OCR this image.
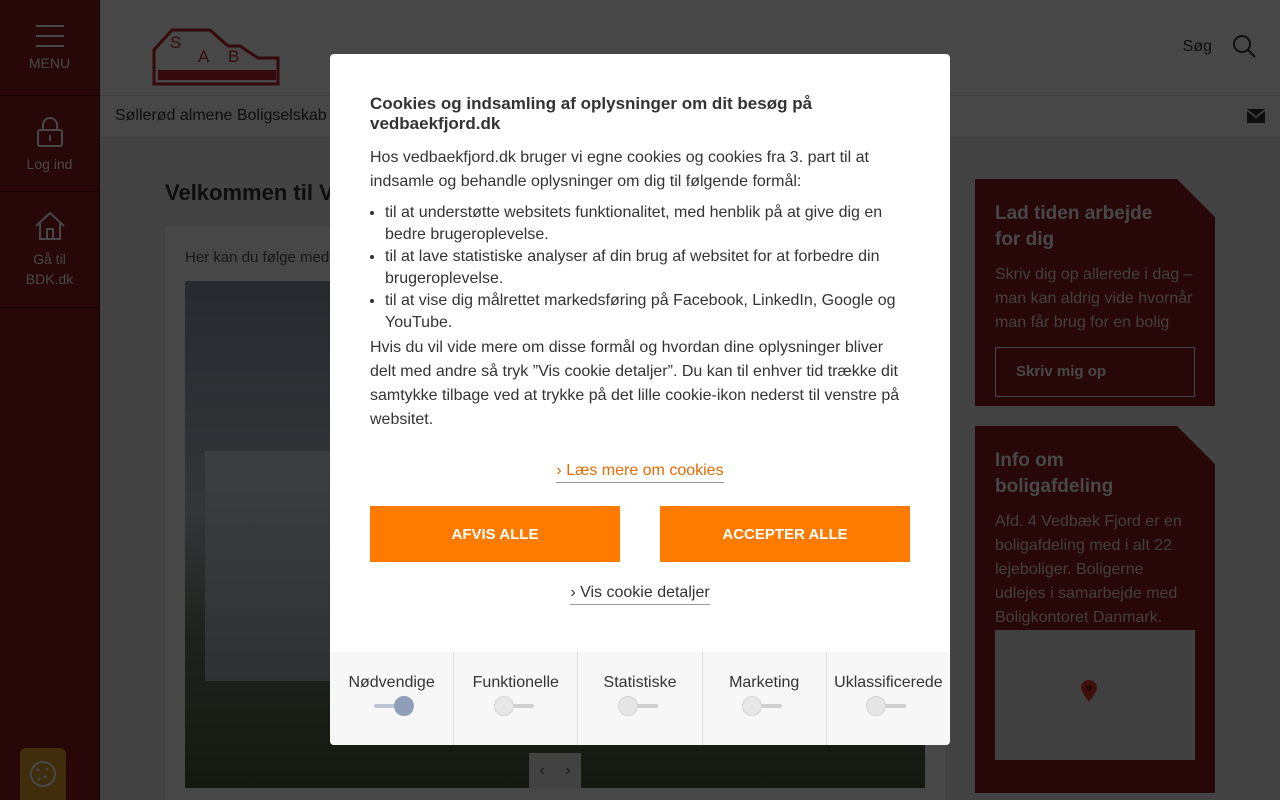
Cookies og indsamling af oplysninger om dit besøg på vedbaekfjord.dk

Hos vedbaekfjord.dk bruger vi egne cookies og cookies fra 3. part til at indsamle og behandle oplysninger om dig til følgende formål:

• til at understøtte websitets funktionalitet, med henblik på at give dig en bedre brugeroplevelse.
• til at lave statistiske analyser af din brug af websitet for at forbedre din brugeroplevelse.
• til at vise dig målrettet markedsføring på Facebook, LinkedIn, Google og YouTube.

Hvis du vil vide mere om disse formål og hvordan dine oplysninger bliver delt med andre så tryk ”Vis cookie detaljer”. Du kan til enhver tid trække dit samtykke tilbage ved at trykke på det lille cookie-ikon nederst til venstre på websitet.

› Læs mere om cookies
AFVIS ALLE	ACCEPTER ALLE
› Vis cookie detaljer
Nødvendige	Funktionelle	Statistiske	Marketing	Uklassificerede
